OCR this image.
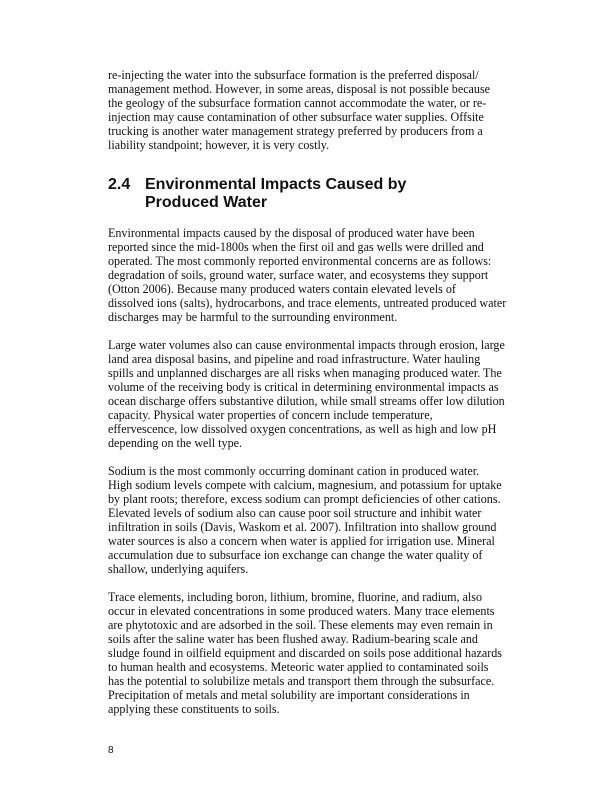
re-injecting the water into the subsurface formation is the preferred disposal/
management method. However, in some areas, disposal is not possible because
the geology of the subsurface formation cannot accommodate the water, or re-
injection may cause contamination of other subsurface water supplies. Offsite
trucking is another water management strategy preferred by producers from a
liability standpoint; however, it is very costly.

2.4 Environmental Impacts Caused by
Produced Water

Environmental impacts caused by the disposal of produced water have been
reported since the mid-1800s when the first oil and gas wells were drilled and
operated. The most commonly reported environmental concerns are as follows:
degradation of soils, ground water, surface water, and ecosystems they support
(Otton 2006). Because many produced waters contain elevated levels of
dissolved ions (salts), hydrocarbons, and trace elements, untreated produced water
discharges may be harmful to the surrounding environment.

Large water volumes also can cause environmental impacts through erosion, large
land area disposal basins, and pipeline and road infrastructure. Water hauling
spills and unplanned discharges are all risks when managing produced water. The
volume of the receiving body is critical in determining environmental impacts as
ocean discharge offers substantive dilution, while small streams offer low dilution
capacity. Physical water properties of concern include temperature,
effervescence, low dissolved oxygen concentrations, as well as high and low pH
depending on the well type.

Sodium is the most commonly occurring dominant cation in produced water.
High sodium levels compete with calcium, magnesium, and potassium for uptake
by plant roots; therefore, excess sodium can prompt deficiencies of other cations.
Elevated levels of sodium also can cause poor soil structure and inhibit water
infiltration in soils (Davis, Waskom et al. 2007). Infiltration into shallow ground
water sources is also a concern when water is applied for irrigation use. Mineral
accumulation due to subsurface ion exchange can change the water quality of
shallow, underlying aquifers.

Trace elements, including boron, lithium, bromine, fluorine, and radium, also
occur in elevated concentrations in some produced waters. Many trace elements
are phytotoxic and are adsorbed in the soil. These elements may even remain in
soils after the saline water has been flushed away. Radium-bearing scale and
sludge found in oilfield equipment and discarded on soils pose additional hazards
to human health and ecosystems. Meteoric water applied to contaminated soils
has the potential to solubilize metals and transport them through the subsurface.
Precipitation of metals and metal solubility are important considerations in
applying these constituents to soils.

8
